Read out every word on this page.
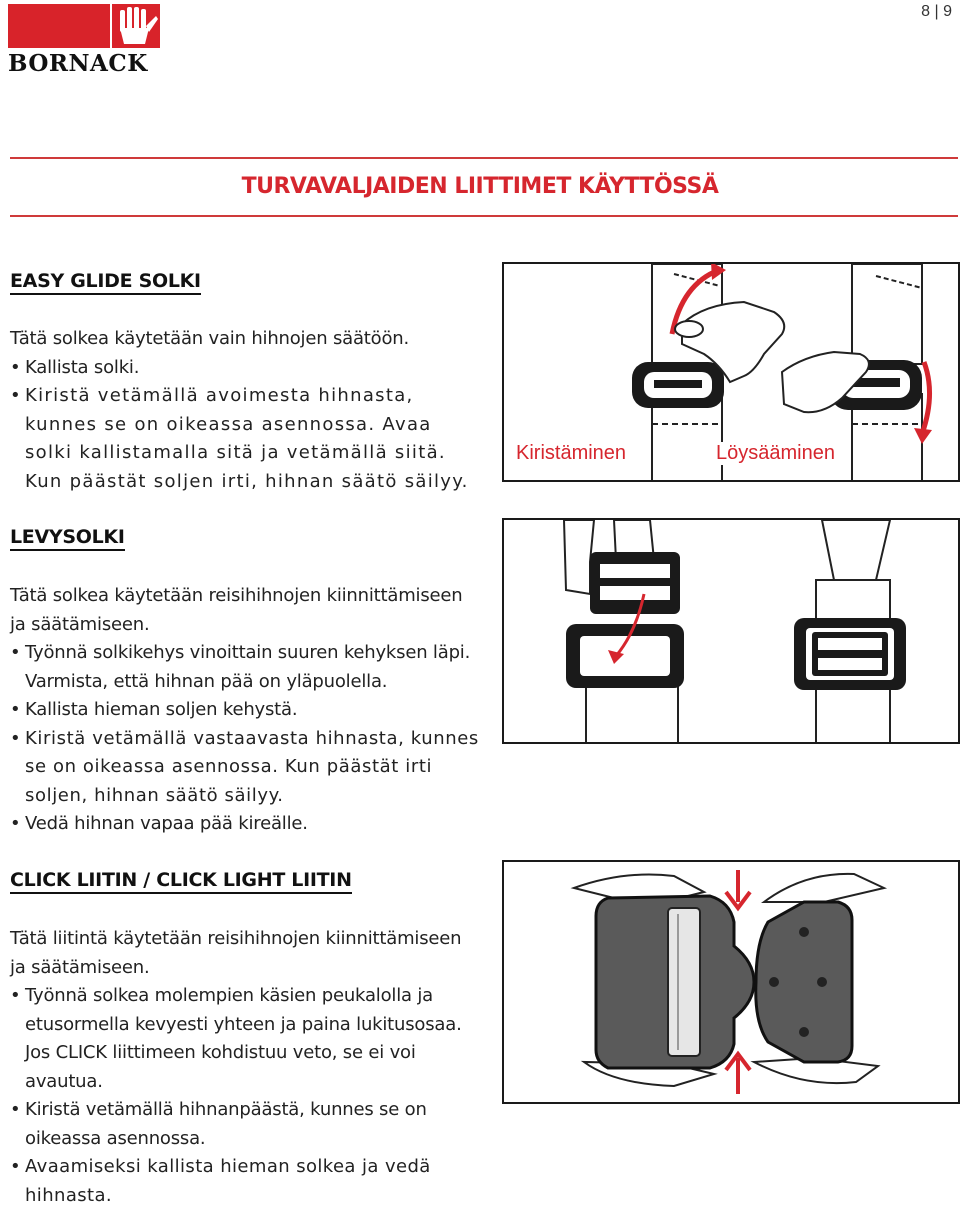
BORNACK
8 | 9
TURVAVALJAIDEN LIITTIMET KÄYTTÖSSÄ
EASY GLIDE SOLKI

Tätä solkea käytetään vain hihnojen säätöön.

• Kallista solki.
• Kiristä vetämällä avoimesta hihnasta, kunnes se on oikeassa asennossa. Avaa solki kallistamalla sitä ja vetämällä siitä. Kun päästät soljen irti, hihnan säätö säilyy.
Kiristäminen	Löysääminen
LEVYSOLKI

Tätä solkea käytetään reisihihnojen kiinnittämiseen ja säätämiseen.

• Työnnä solkikehys vinoittain suuren kehyksen läpi. Varmista, että hihnan pää on yläpuolella.
• Kallista hieman soljen kehystä.
• Kiristä vetämällä vastaavasta hihnasta, kunnes se on oikeassa asennossa. Kun päästät irti soljen, hihnan säätö säilyy.
• Vedä hihnan vapaa pää kireälle.
CLICK LIITIN / CLICK LIGHT LIITIN

Tätä liitintä käytetään reisihihnojen kiinnittämiseen ja säätämiseen.

• Työnnä solkea molempien käsien peukalolla ja etusormella kevyesti yhteen ja paina lukitusosaa. Jos CLICK liittimeen kohdistuu veto, se ei voi avautua.
• Kiristä vetämällä hihnanpäästä, kunnes se on oikeassa asennossa.
• Avaamiseksi kallista hieman solkea ja vedä hihnasta.
